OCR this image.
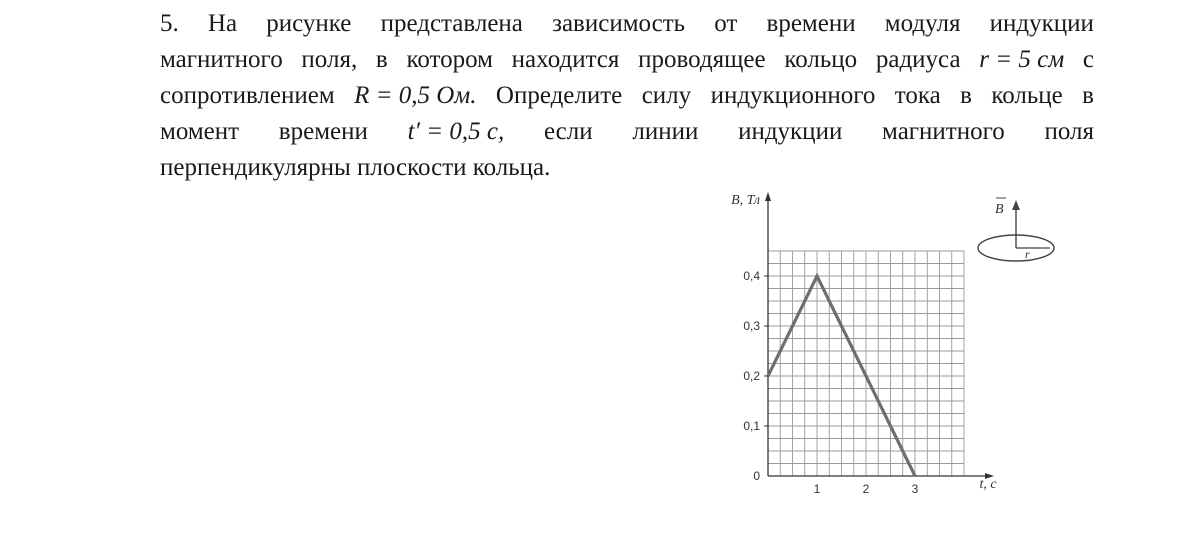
5. На рисунке представлена зависимость от времени модуля индукции
магнитного поля, в котором находится проводящее кольцо радиуса r = 5 см с
сопротивлением R = 0,5 Ом. Определите силу индукционного тока в кольце в
момент времени t′ = 0,5 с, если линии индукции магнитного поля
перпендикулярны плоскости кольца.
0
0,1
0,2
0,3
0,4
1	2	3
B, Тл
t, с
B
r
